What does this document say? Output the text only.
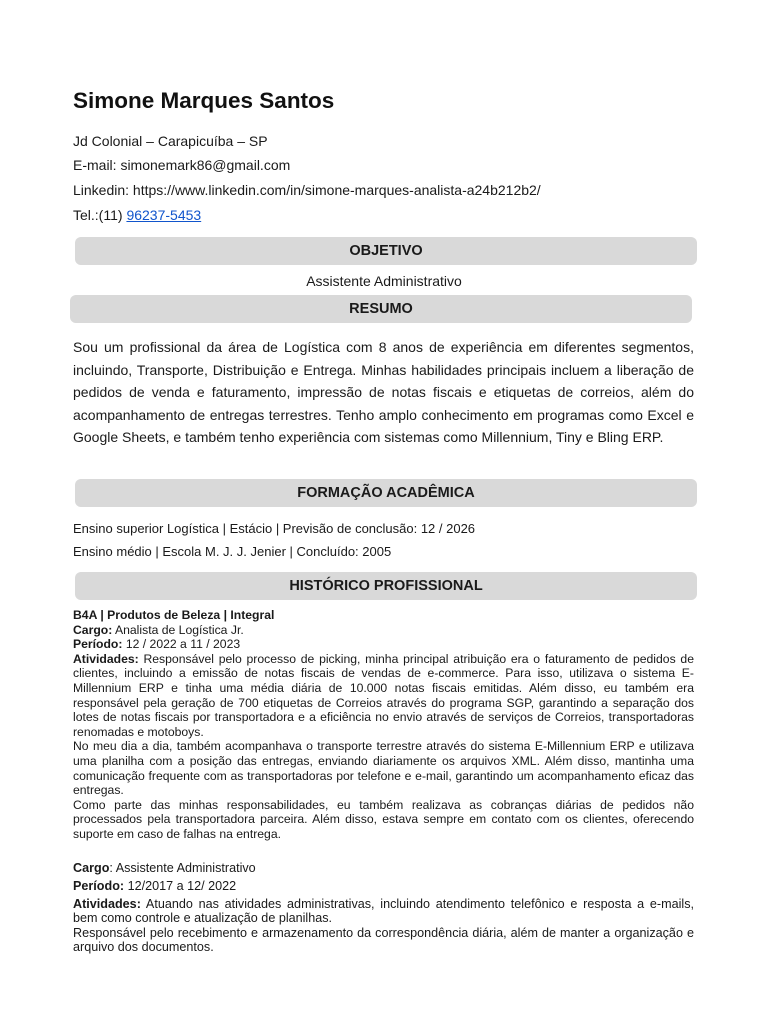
Simone Marques Santos
Jd Colonial – Carapicuíba – SP
E-mail: simonemark86@gmail.com
Linkedin: https://www.linkedin.com/in/simone-marques-analista-a24b212b2/
Tel.:(11) 96237-5453
OBJETIVO
Assistente Administrativo
RESUMO

Sou um profissional da área de Logística com 8 anos de experiência em diferentes segmentos, incluindo, Transporte, Distribuição e Entrega. Minhas habilidades principais incluem a liberação de pedidos de venda e faturamento, impressão de notas fiscais e etiquetas de correios, além do acompanhamento de entregas terrestres. Tenho amplo conhecimento em programas como Excel e Google Sheets, e também tenho experiência com sistemas como Millennium, Tiny e Bling ERP.

FORMAÇÃO ACADÊMICA
Ensino superior Logística | Estácio | Previsão de conclusão: 12 / 2026
Ensino médio | Escola M. J. J. Jenier | Concluído: 2005
HISTÓRICO PROFISSIONAL

B4A | Produtos de Beleza | Integral

Cargo: Analista de Logística Jr.

Período: 12 / 2022 a 11 / 2023

Atividades: Responsável pelo processo de picking, minha principal atribuição era o faturamento de pedidos de clientes, incluindo a emissão de notas fiscais de vendas de e-commerce. Para isso, utilizava o sistema E-Millennium ERP e tinha uma média diária de 10.000 notas fiscais emitidas. Além disso, eu também era responsável pela geração de 700 etiquetas de Correios através do programa SGP, garantindo a separação dos lotes de notas fiscais por transportadora e a eficiência no envio através de serviços de Correios, transportadoras renomadas e motoboys.

No meu dia a dia, também acompanhava o transporte terrestre através do sistema E-Millennium ERP e utilizava uma planilha com a posição das entregas, enviando diariamente os arquivos XML. Além disso, mantinha uma comunicação frequente com as transportadoras por telefone e e-mail, garantindo um acompanhamento eficaz das entregas.

Como parte das minhas responsabilidades, eu também realizava as cobranças diárias de pedidos não processados pela transportadora parceira. Além disso, estava sempre em contato com os clientes, oferecendo suporte em caso de falhas na entrega.

Cargo: Assistente Administrativo

Período: 12/2017 a 12/ 2022

Atividades: Atuando nas atividades administrativas, incluindo atendimento telefônico e resposta a e-mails, bem como controle e atualização de planilhas.

Responsável pelo recebimento e armazenamento da correspondência diária, além de manter a organização e arquivo dos documentos.
